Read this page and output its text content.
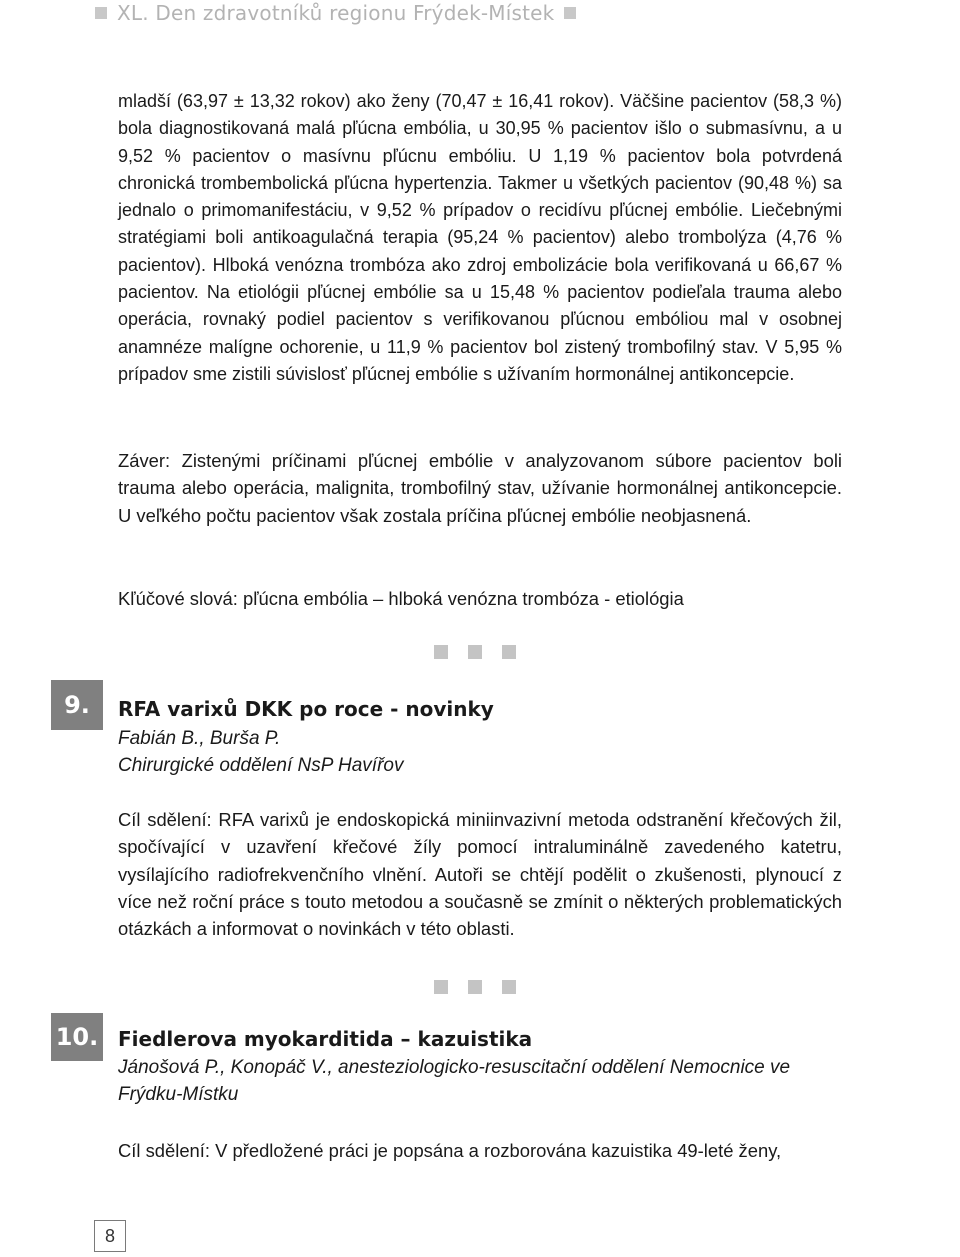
XL. Den zdravotníků regionu Frýdek-Místek

mladší (63,97 ± 13,32 rokov) ako ženy (70,47 ± 16,41 rokov). Väčšine pacientov (58,3 %) bola diagnostikovaná malá pľúcna embólia, u 30,95 % pacientov išlo o submasívnu, a u 9,52 % pacientov o masívnu pľúcnu embóliu. U 1,19 % pacientov bola potvrdená chronická trombembolická pľúcna hypertenzia. Takmer u všetkých pacientov (90,48 %) sa jednalo o primomanifestáciu, v 9,52 % prípadov o recidívu pľúcnej embólie. Liečebnými stratégiami boli antikoagulačná terapia (95,24 % pacientov) alebo trombolýza (4,76 % pacientov). Hlboká venózna trombóza ako zdroj embolizácie bola verifikovaná u 66,67 % pacientov. Na etiológii pľúcnej embólie sa u 15,48 % pacientov podieľala trauma alebo operácia, rovnaký podiel pacientov s verifikovanou pľúcnou embóliou mal v osobnej anamnéze malígne ochorenie, u 11,9 % pacientov bol zistený trombofilný stav. V 5,95 % prípadov sme zistili súvislosť pľúcnej embólie s užívaním hormonálnej antikoncepcie.

Záver: Zistenými príčinami pľúcnej embólie v analyzovanom súbore pacientov boli trauma alebo operácia, malignita, trombofilný stav, užívanie hormonálnej antikoncepcie. U veľkého počtu pacientov však zostala príčina pľúcnej embólie neobjasnená.

Kľúčové slová: pľúcna embólia – hlboká venózna trombóza - etiológia

9.	RFA varixů DKK po roce - novinky

Fabián B., Burša P.

Chirurgické oddělení NsP Havířov

Cíl sdělení: RFA varixů je endoskopická miniinvazivní metoda odstranění křečových žil, spočívající v uzavření křečové žíly pomocí intraluminálně zavedeného katetru, vysílajícího radiofrekvenčního vlnění. Autoři se chtějí podělit o zkušenosti, plynoucí z více než roční práce s touto metodou a současně se zmínit o některých problematických otázkách a informovat o novinkách v této oblasti.

10. Fiedlerova myokarditida – kazuistika

Jánošová P., Konopáč V., anesteziologicko-resuscitační oddělení Nemocnice ve Frýdku-Místku

Cíl sdělení: V předložené práci je popsána a rozborována kazuistika 49-leté ženy,

8
